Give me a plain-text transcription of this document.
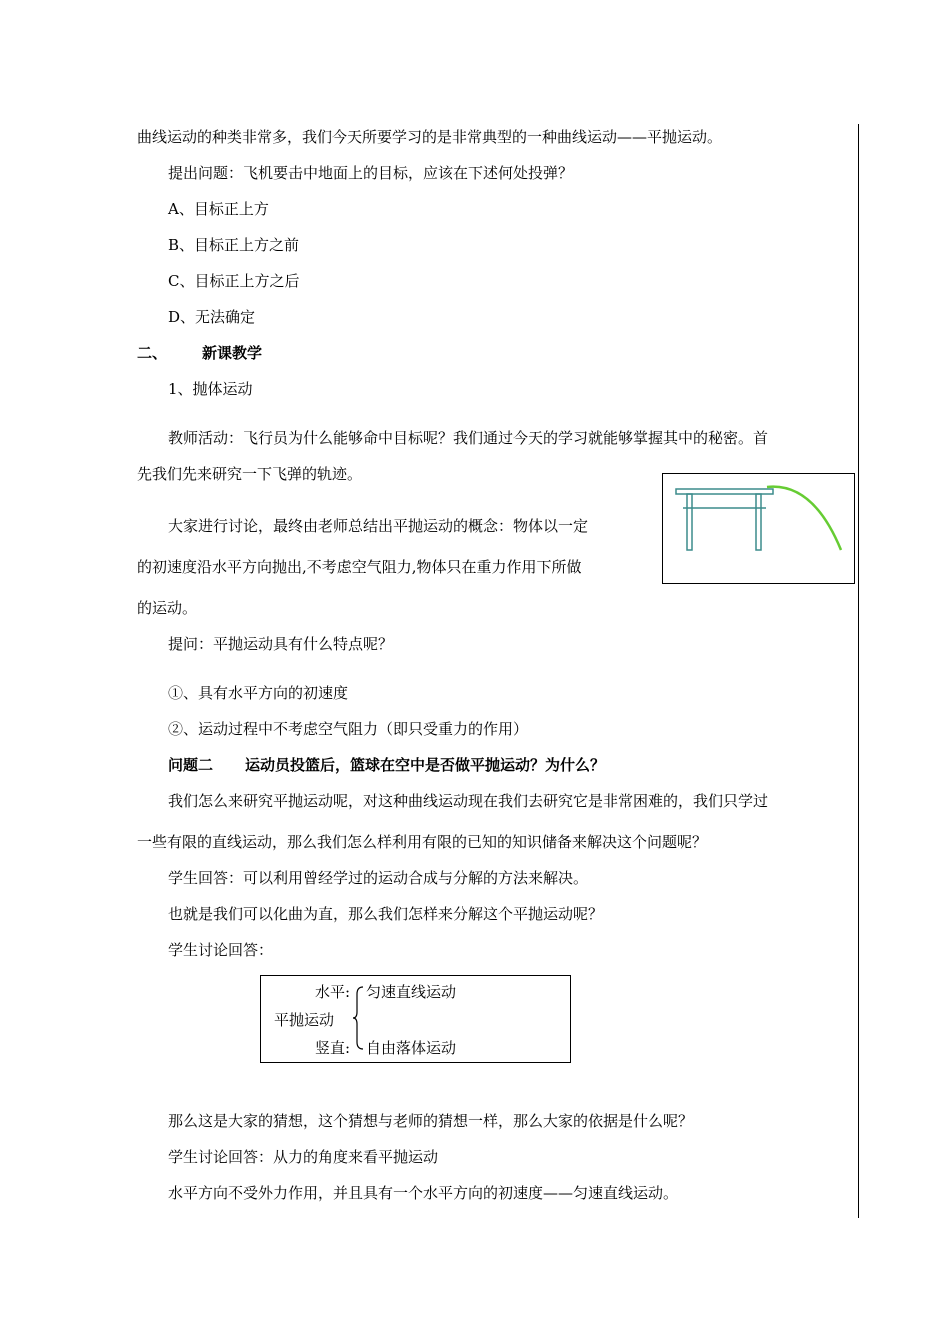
曲线运动的种类非常多，我们今天所要学习的是非常典型的一种曲线运动——平抛运动。
提出问题：飞机要击中地面上的目标，应该在下述何处投弹？
A、目标正上方
B、目标正上方之前
C、目标正上方之后
D、无法确定
二、 新课教学
1、抛体运动
教师活动：飞行员为什么能够命中目标呢？我们通过今天的学习就能够掌握其中的秘密。首
先我们先来研究一下飞弹的轨迹。
大家进行讨论，最终由老师总结出平抛运动的概念：物体以一定
的初速度沿水平方向抛出,不考虑空气阻力,物体只在重力作用下所做
的运动。
提问：平抛运动具有什么特点呢？
①、具有水平方向的初速度
②、运动过程中不考虑空气阻力（即只受重力的作用）
问题二 运动员投篮后，篮球在空中是否做平抛运动？为什么？
我们怎么来研究平抛运动呢，对这种曲线运动现在我们去研究它是非常困难的，我们只学过
一些有限的直线运动，那么我们怎么样利用有限的已知的知识储备来解决这个问题呢？
学生回答：可以利用曾经学过的运动合成与分解的方法来解决。
也就是我们可以化曲为直，那么我们怎样来分解这个平抛运动呢？
学生讨论回答：
水平: 匀速直线运动
平抛运动
竖直: 自由落体运动
那么这是大家的猜想，这个猜想与老师的猜想一样，那么大家的依据是什么呢？
学生讨论回答：从力的角度来看平抛运动
水平方向不受外力作用，并且具有一个水平方向的初速度——匀速直线运动。
